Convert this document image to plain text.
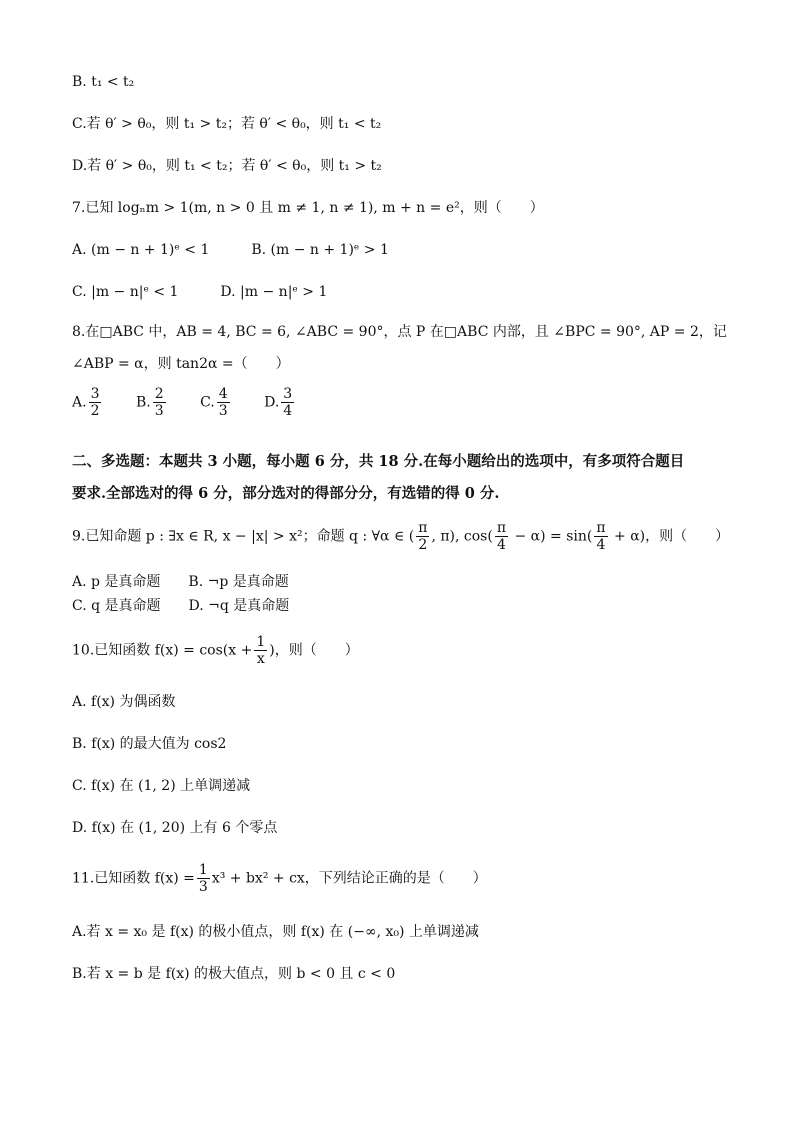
B. t₁ < t₂
C.若 θ′ > θ₀，则 t₁ > t₂；若 θ′ < θ₀，则 t₁ < t₂
D.若 θ′ > θ₀，则 t₁ < t₂；若 θ′ < θ₀，则 t₁ > t₂
7.已知 logₙm > 1(m, n > 0 且 m ≠ 1, n ≠ 1), m + n = e²，则（　　）
A. (m − n + 1)ᵉ < 1　　　B. (m − n + 1)ᵉ > 1
C. |m − n|ᵉ < 1　　　D. |m − n|ᵉ > 1
8.在□ABC 中，AB = 4, BC = 6, ∠ABC = 90°，点 P 在□ABC 内部，且 ∠BPC = 90°, AP = 2，记
∠ABP = α，则 tan2α =（　　）
A. $\frac{3}{2} B$. $\frac{2}{3} C$. $\frac{4}{3} D$. $\frac{3}{4}$
二、多选题：本题共 3 小题，每小题 6 分，共 18 分.在每小题给出的选项中，有多项符合题目
要求.全部选对的得 6 分，部分选对的得部分分，有选错的得 0 分.
9.已知命题 p : ∃x ∈ R, x − |x| > x²；命题 q : ∀α ∈ ( $\frac{\pi}{2}$ , π), $\cos( \frac{\pi}{4} - \alpha) = \sin( \frac{\pi}{4} + \alpha)$，则（　　）
A. p 是真命题　　B. ¬p 是真命题
C. q 是真命题　　D. ¬q 是真命题
10.已知函数 $f(x) = \cos(x + \frac{1}{x}$ )，则（　　）
A. f(x) 为偶函数
B. f(x) 的最大值为 cos2
C. f(x) 在 (1, 2) 上单调递减
D. f(x) 在 (1, 20) 上有 6 个零点
11.已知函数 $f(x) = \frac{1}{3} x^3 + bx^2$ + cx，下列结论正确的是（　　）
A.若 x = x₀ 是 f(x) 的极小值点，则 f(x) 在 (−∞, x₀) 上单调递减
B.若 x = b 是 f(x) 的极大值点，则 b < 0 且 c < 0
